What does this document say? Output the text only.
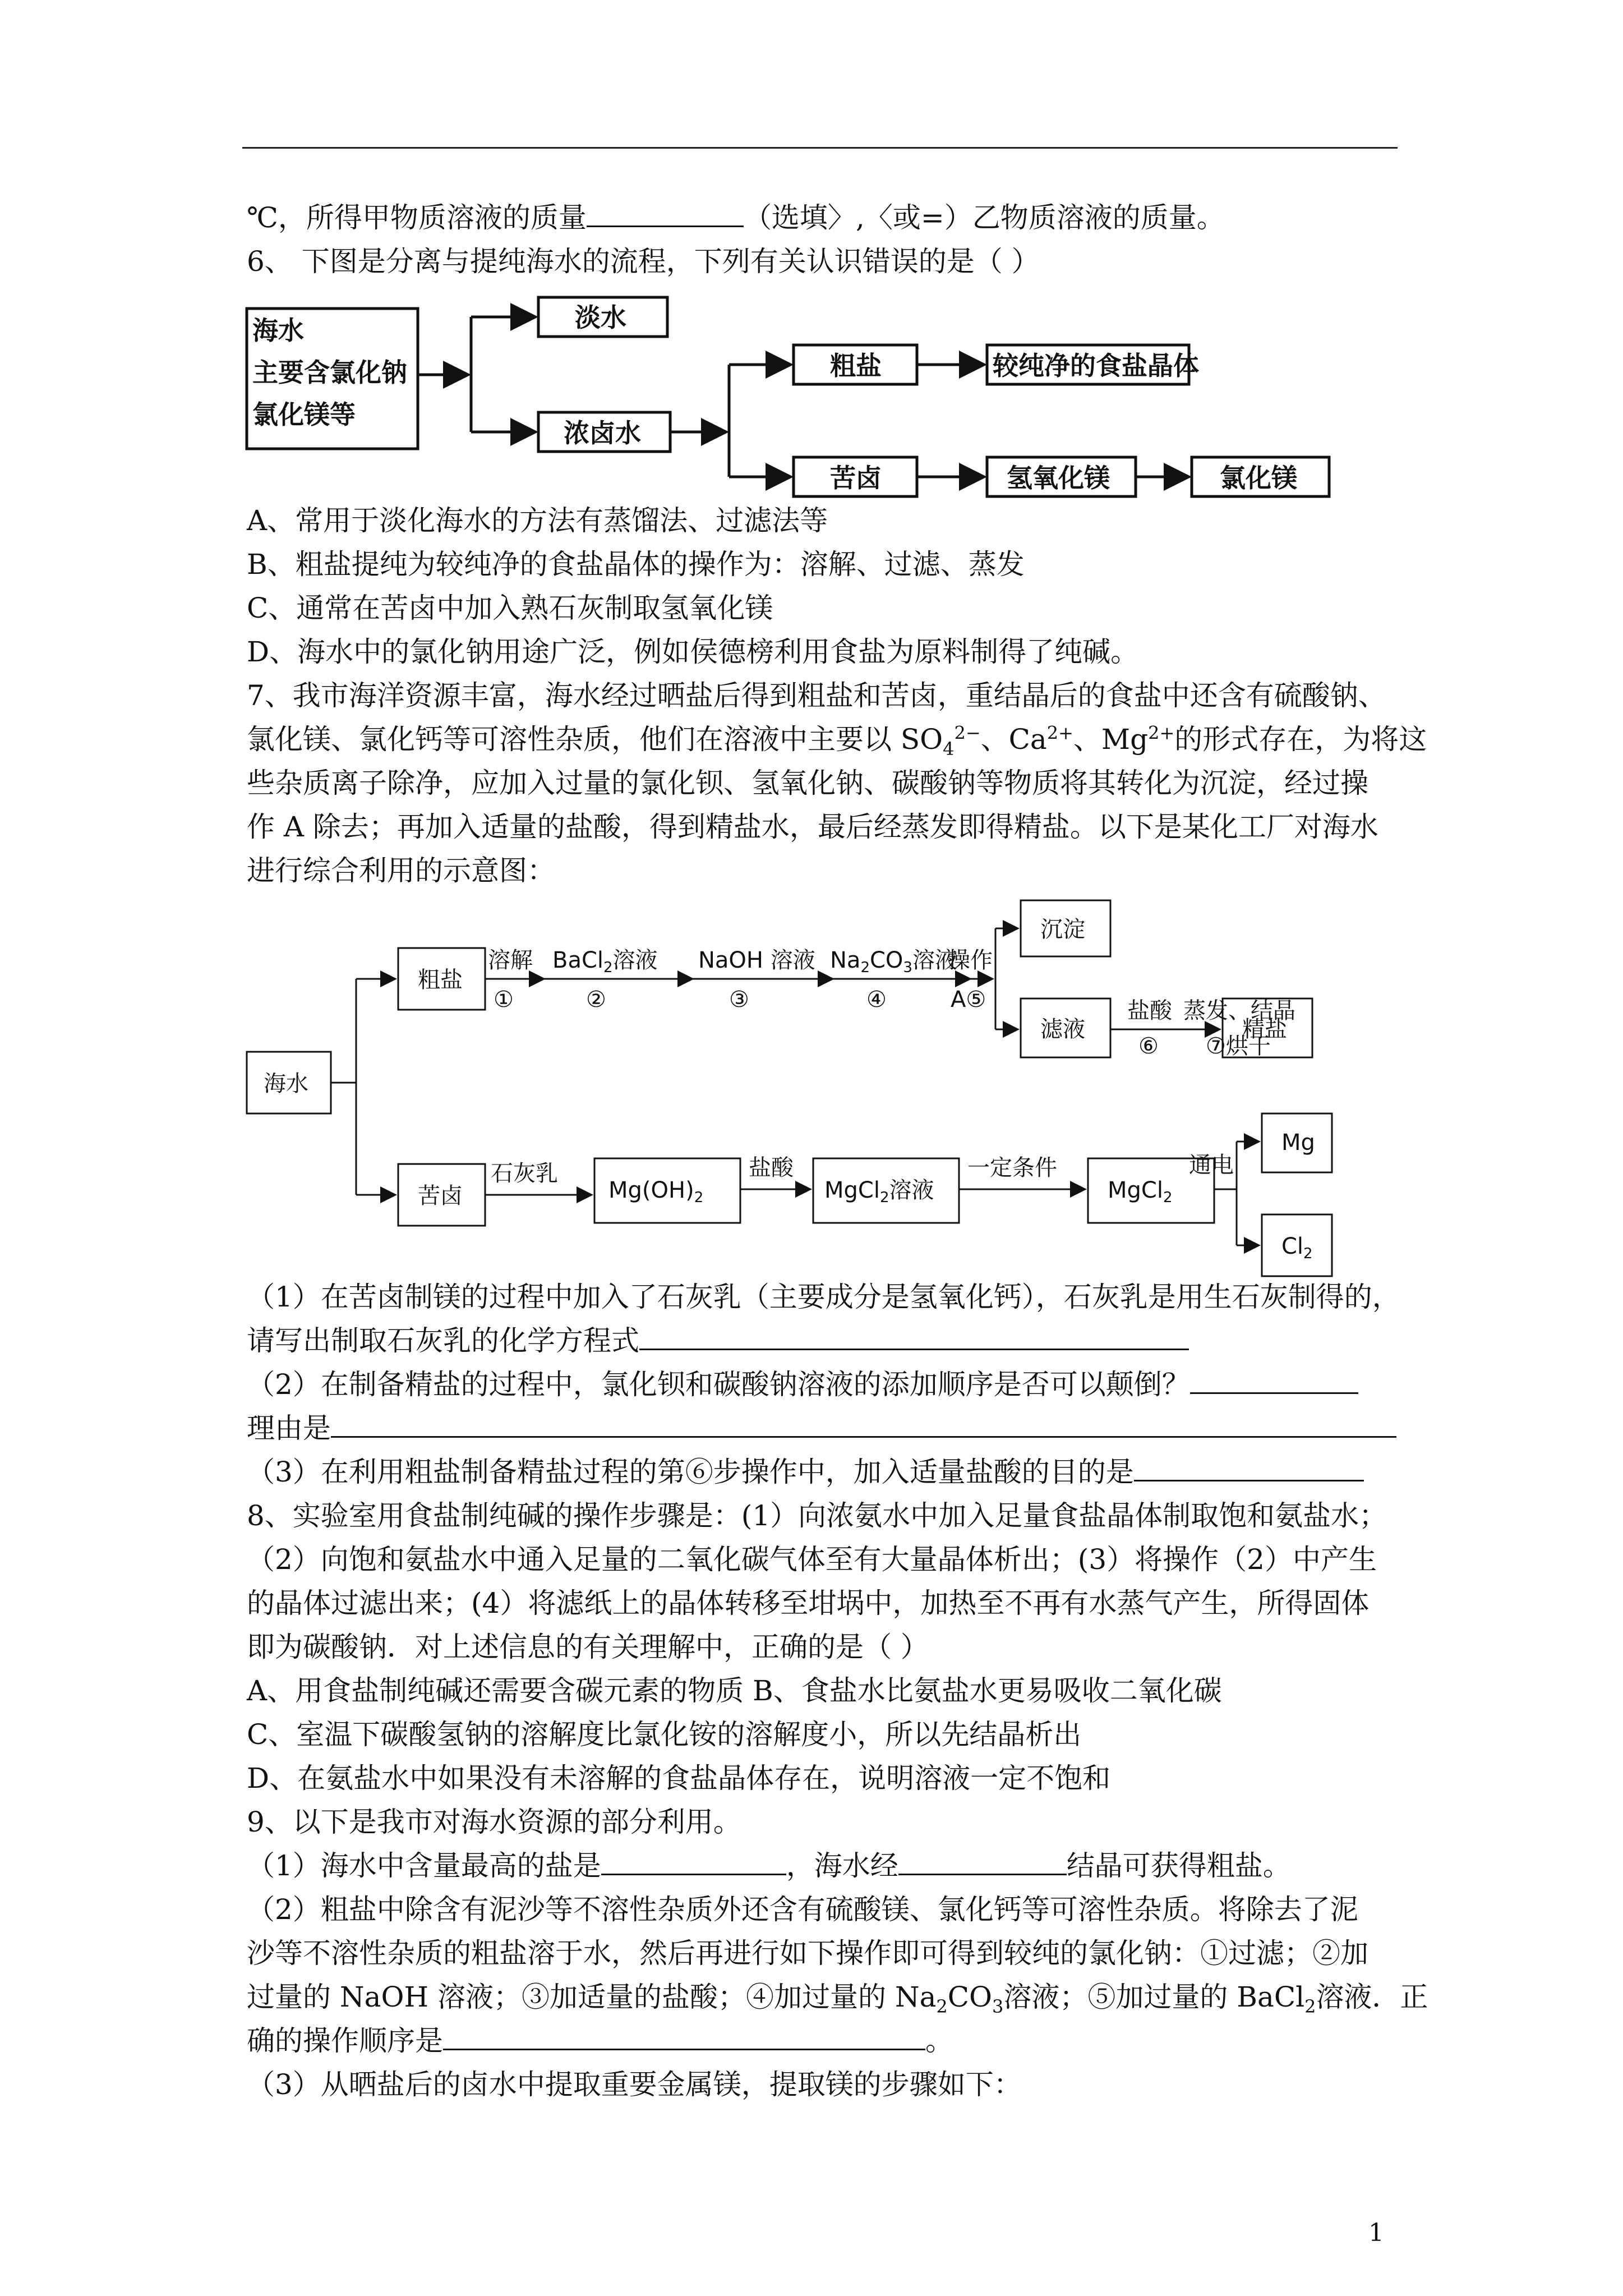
℃，所得甲物质溶液的质量	（选填〉,〈或=）乙物质溶液的质量。
6、 下图是分离与提纯海水的流程，下列有关认识错误的是（ ）
海水
主要含氯化钠
氯化镁等
淡水
浓卤水
粗盐	较纯净的食盐晶体
苦卤	氢氧化镁	氯化镁
A、常用于淡化海水的方法有蒸馏法、过滤法等
B、粗盐提纯为较纯净的食盐晶体的操作为：溶解、过滤、蒸发
C、通常在苦卤中加入熟石灰制取氢氧化镁
D、海水中的氯化钠用途广泛，例如侯德榜利用食盐为原料制得了纯碱。
7、我市海洋资源丰富，海水经过晒盐后得到粗盐和苦卤，重结晶后的食盐中还含有硫酸钠、
氯化镁、氯化钙等可溶性杂质，他们在溶液中主要以 $SO_4^{2-}$、$Ca^{2+}$、$Mg^{2+}$的形式存在，为将这
些杂质离子除净，应加入过量的氯化钡、氢氧化钠、碳酸钠等物质将其转化为沉淀，经过操
作 A 除去；再加入适量的盐酸，得到精盐水，最后经蒸发即得精盐。以下是某化工厂对海水
进行综合利用的示意图：
海水
粗盐
溶解
①
BaCl$_2$溶液
②
NaOH 溶液
③
$Na_2CO_3$溶液
④
操作
A⑤
沉淀
滤液
盐酸
⑥
蒸发、结晶
⑦烘干
精盐
苦卤
石灰乳
$Mg(OH)_2$
盐酸
MgCl$_2$溶液
一定条件
MgCl$_2$
通电
Mg
$Cl_2$
（1）在苦卤制镁的过程中加入了石灰乳（主要成分是氢氧化钙），石灰乳是用生石灰制得的，
请写出制取石灰乳的化学方程式
（2）在制备精盐的过程中，氯化钡和碳酸钠溶液的添加顺序是否可以颠倒？
理由是
（3）在利用粗盐制备精盐过程的第⑥步操作中，加入适量盐酸的目的是
8、实验室用食盐制纯碱的操作步骤是：(1）向浓氨水中加入足量食盐晶体制取饱和氨盐水；
（2）向饱和氨盐水中通入足量的二氧化碳气体至有大量晶体析出；(3）将操作（2）中产生
的晶体过滤出来；(4）将滤纸上的晶体转移至坩埚中，加热至不再有水蒸气产生，所得固体
即为碳酸钠．对上述信息的有关理解中，正确的是（ ）
A、用食盐制纯碱还需要含碳元素的物质 B、食盐水比氨盐水更易吸收二氧化碳
C、室温下碳酸氢钠的溶解度比氯化铵的溶解度小，所以先结晶析出
D、在氨盐水中如果没有未溶解的食盐晶体存在，说明溶液一定不饱和
9、以下是我市对海水资源的部分利用。
（1）海水中含量最高的盐是	，海水经	结晶可获得粗盐。
（2）粗盐中除含有泥沙等不溶性杂质外还含有硫酸镁、氯化钙等可溶性杂质。将除去了泥
沙等不溶性杂质的粗盐溶于水，然后再进行如下操作即可得到较纯的氯化钠：①过滤；②加
过量的 NaOH 溶液；③加适量的盐酸；④加过量的 $Na_2CO_3$溶液；⑤加过量的 BaCl$_2$溶液．正
确的操作顺序是	。
（3）从晒盐后的卤水中提取重要金属镁，提取镁的步骤如下：
1
